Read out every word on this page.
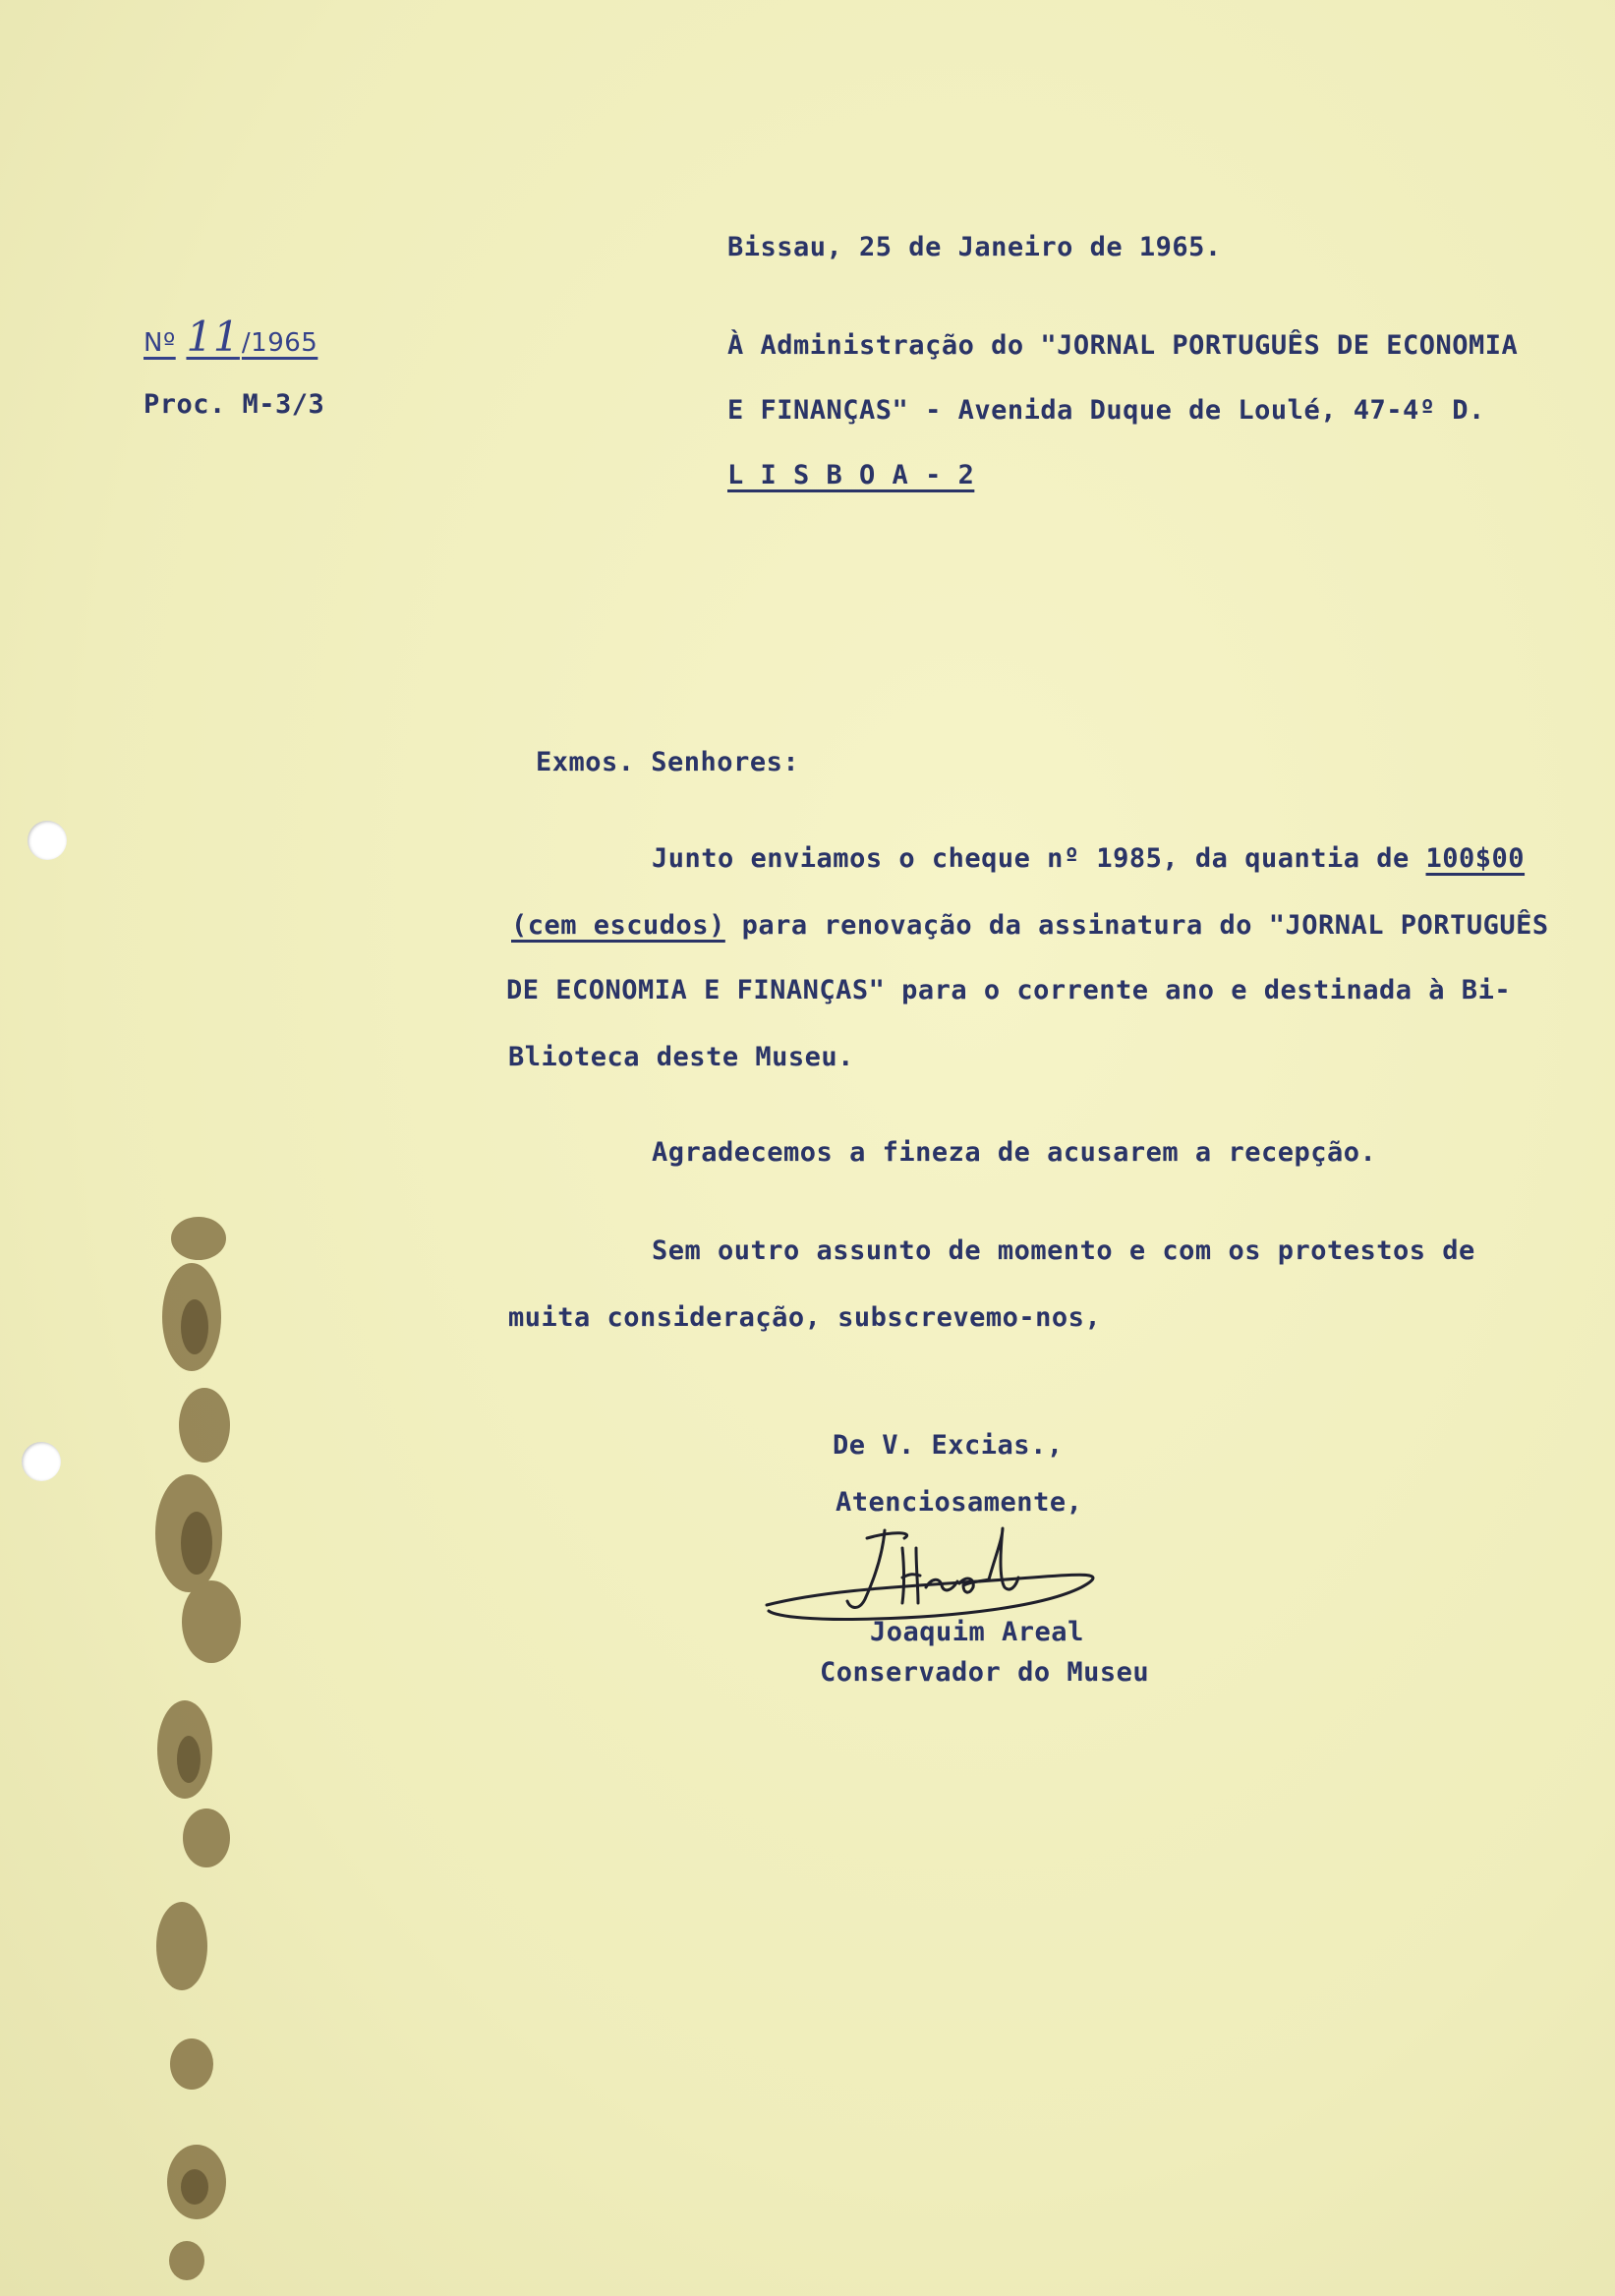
Bissau, 25 de Janeiro de 1965.
Nº 11/1965
Proc. M-3/3
À Administração do "JORNAL PORTUGUÊS DE ECONOMIA
E FINANÇAS" - Avenida Duque de Loulé, 47-4º D.
L I S B O A - 2
Exmos. Senhores:
Junto enviamos o cheque nº 1985, da quantia de 100$00
(cem escudos) para renovação da assinatura do "JORNAL PORTUGUÊS
DE ECONOMIA E FINANÇAS" para o corrente ano e destinada à Bi-
Blioteca deste Museu.
Agradecemos a fineza de acusarem a recepção.
Sem outro assunto de momento e com os protestos de
muita consideração, subscrevemo-nos,
De V. Excias.,
Atenciosamente,
Joaquim Areal
Conservador do Museu
